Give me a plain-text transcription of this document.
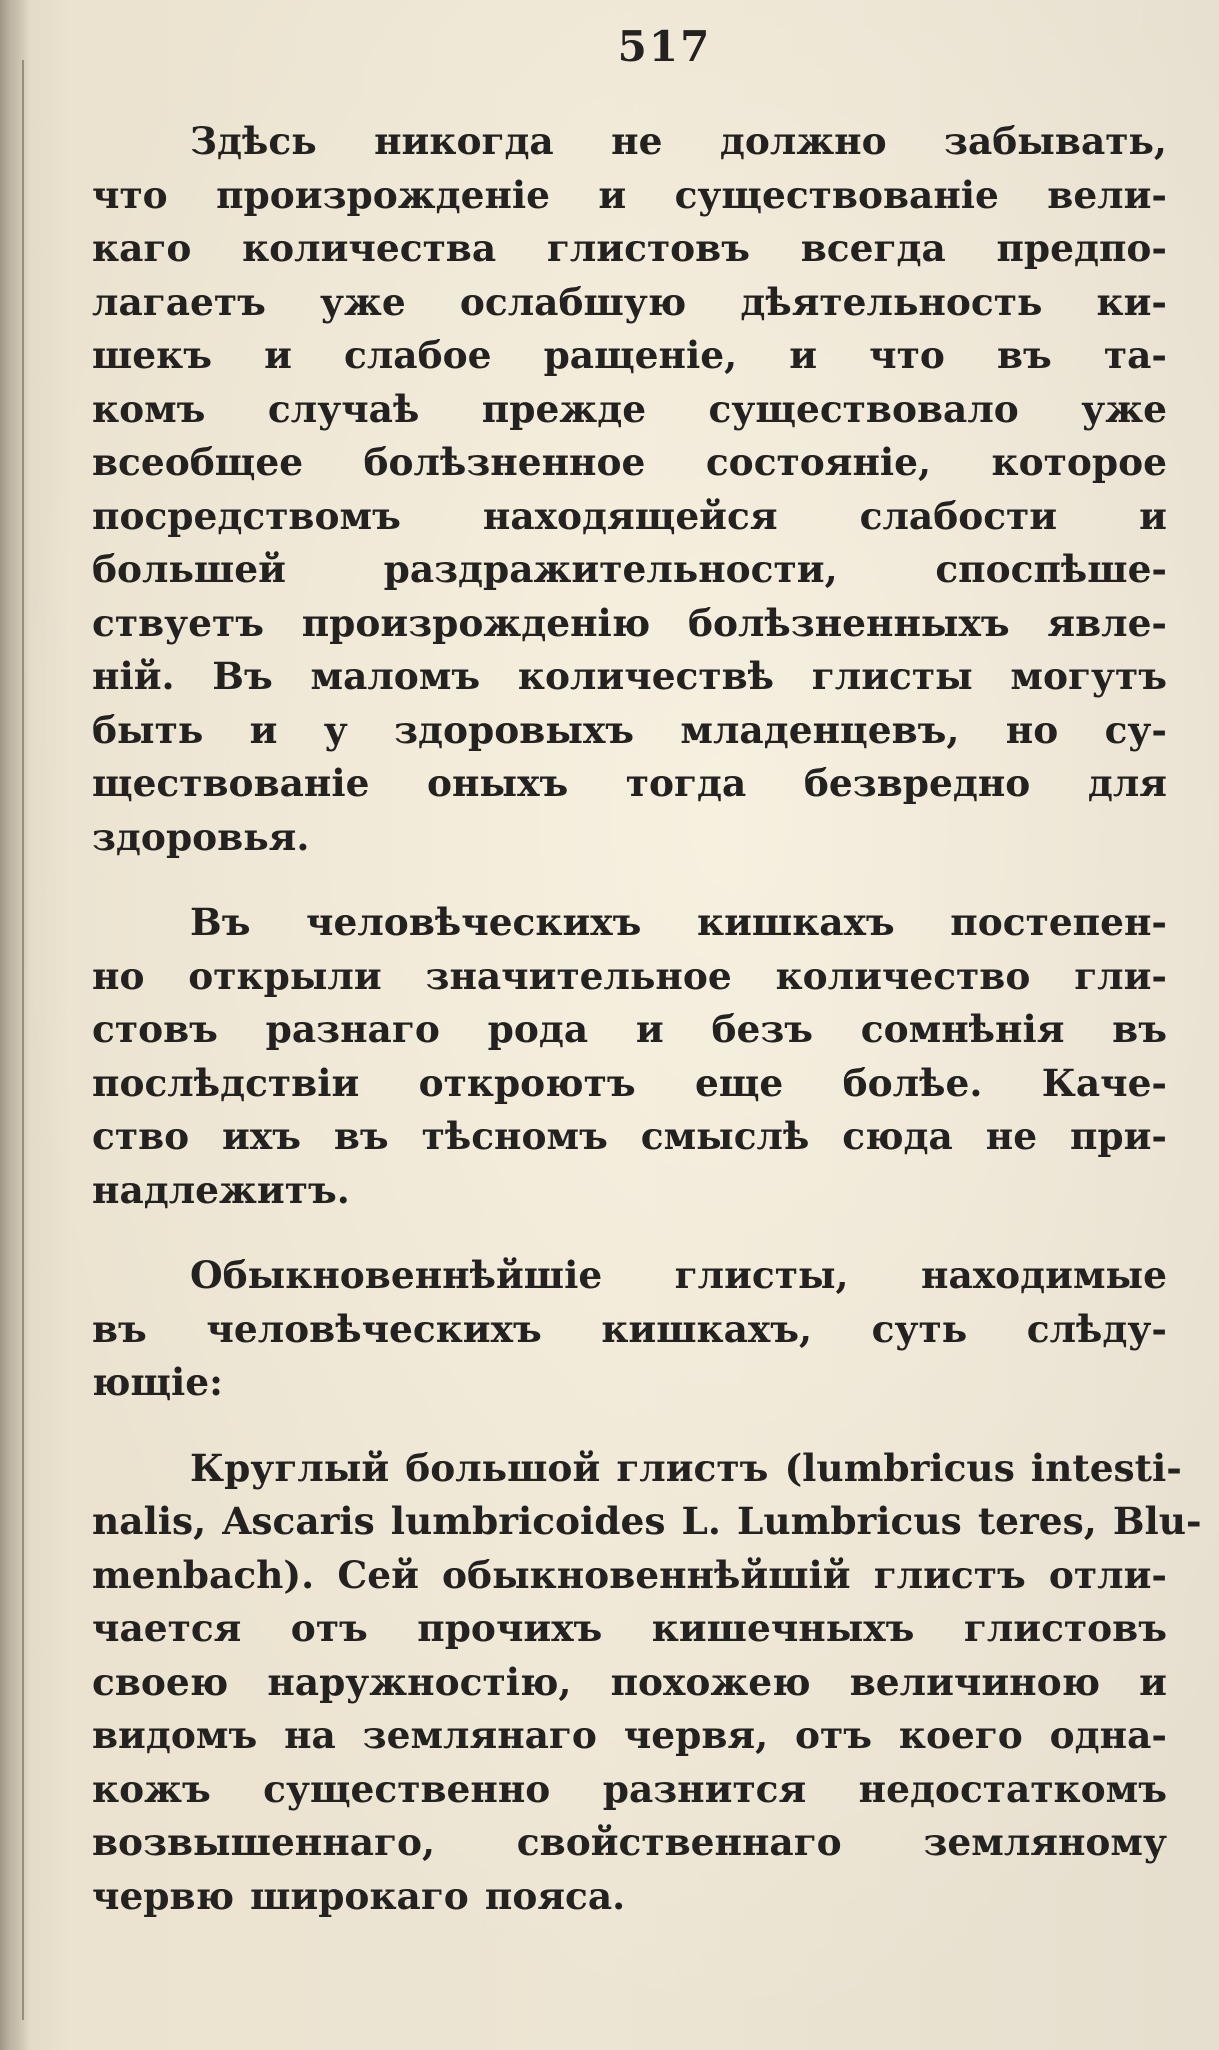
517

Здѣсь никогда не должно забывать,
что произрожденіе и существованіе вели-
каго количества глистовъ всегда предпо-
лагаетъ уже ослабшую дѣятельность ки-
шекъ и слабое ращеніе, и что въ та-
комъ случаѣ прежде существовало уже
всеобщее болѣзненное состояніе, которое
посредствомъ находящейся слабости и
большей раздражительности, споспѣше-
ствуетъ произрожденію болѣзненныхъ явле-
ній. Въ маломъ количествѣ глисты могутъ
быть и у здоровыхъ младенцевъ, но су-
ществованіе оныхъ тогда безвредно для
здоровья.

Въ человѣческихъ кишкахъ постепен-
но открыли значительное количество гли-
стовъ разнаго рода и безъ сомнѣнія въ
послѣдствіи откроютъ еще болѣе. Каче-
ство ихъ въ тѣсномъ смыслѣ сюда не при-
надлежитъ.

Обыкновеннѣйшіе глисты, находимые
въ человѣческихъ кишкахъ, суть слѣду-
ющіе:

Круглый большой глистъ (lumbricus intesti-
nalis, Ascaris lumbricoides L. Lumbricus teres, Blu-
menbach). Сей обыкновеннѣйшій глистъ отли-
чается отъ прочихъ кишечныхъ глистовъ
своею наружностію, похожею величиною и
видомъ на землянаго червя, отъ коего одна-
кожъ существенно разнится недостаткомъ
возвышеннаго, свойственнаго земляному
червю широкаго пояса.
